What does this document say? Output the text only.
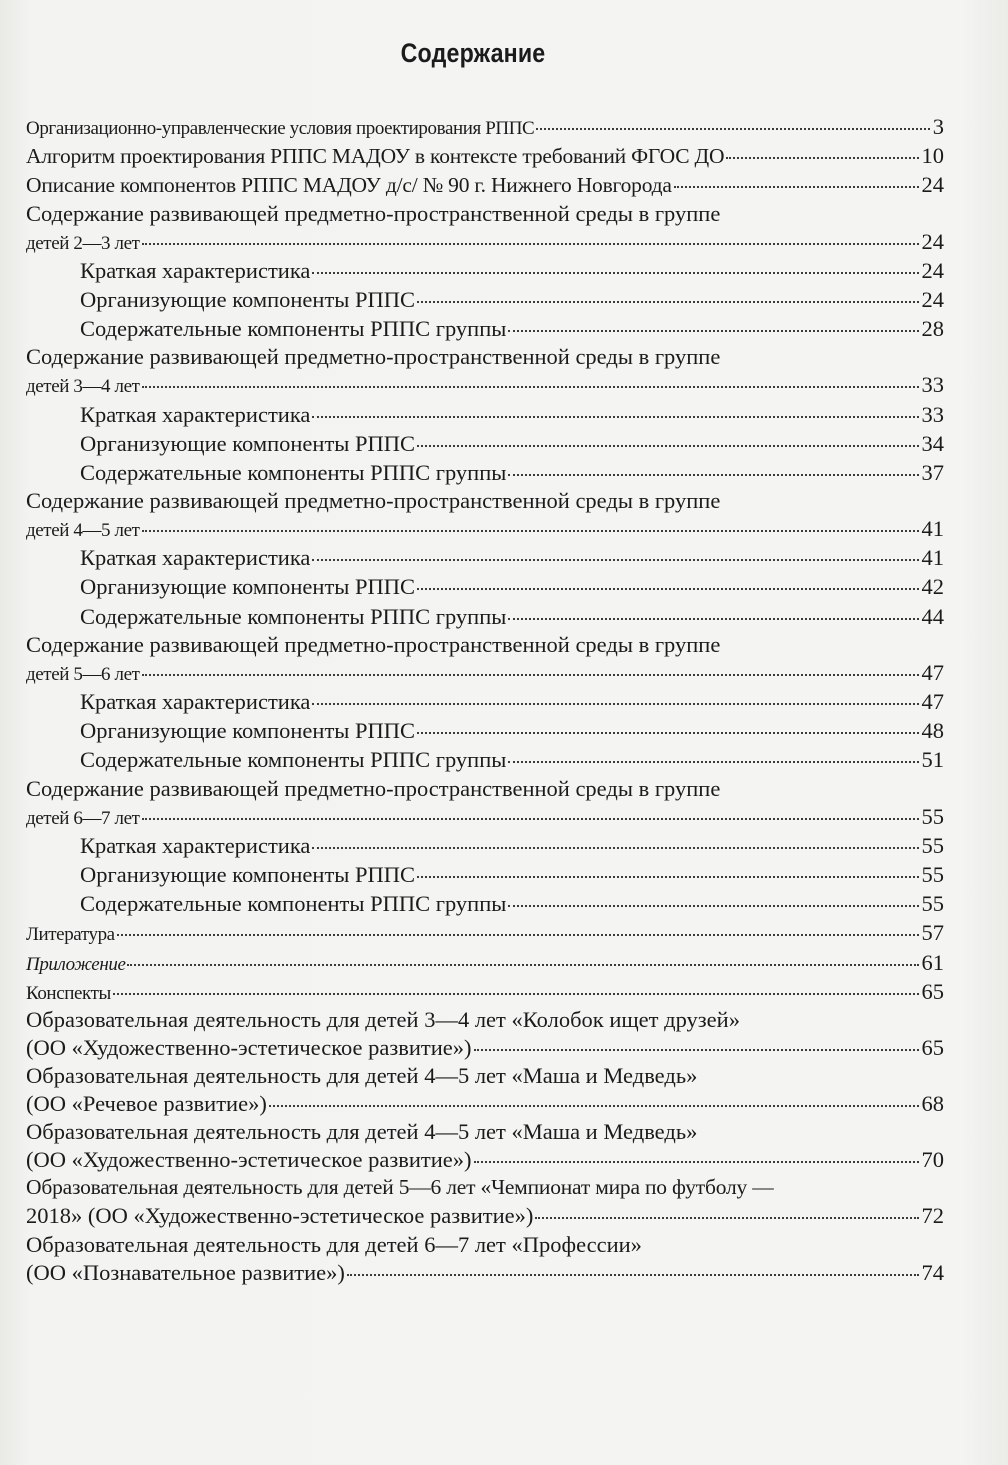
Содержание
Организационно-управленческие условия проектирования РППС	3
Алгоритм проектирования РППС МАДОУ в контексте требований ФГОС ДО	10
Описание компонентов РППС МАДОУ д/с/ № 90 г. Нижнего Новгорода	24
Содержание развивающей предметно-пространственной среды в группе
детей 2—3 лет	24
Краткая характеристика	24
Организующие компоненты РППС	24
Содержательные компоненты РППС группы	28
Содержание развивающей предметно-пространственной среды в группе
детей 3—4 лет	33
Краткая характеристика	33
Организующие компоненты РППС	34
Содержательные компоненты РППС группы	37
Содержание развивающей предметно-пространственной среды в группе
детей 4—5 лет	41
Краткая характеристика	41
Организующие компоненты РППС	42
Содержательные компоненты РППС группы	44
Содержание развивающей предметно-пространственной среды в группе
детей 5—6 лет	47
Краткая характеристика	47
Организующие компоненты РППС	48
Содержательные компоненты РППС группы	51
Содержание развивающей предметно-пространственной среды в группе
детей 6—7 лет	55
Краткая характеристика	55
Организующие компоненты РППС	55
Содержательные компоненты РППС группы	55
Литература	57
Приложение	61
Конспекты	65
Образовательная деятельность для детей 3—4 лет «Колобок ищет друзей»
(ОО «Художественно-эстетическое развитие»)	65
Образовательная деятельность для детей 4—5 лет «Маша и Медведь»
(ОО «Речевое развитие»)	68
Образовательная деятельность для детей 4—5 лет «Маша и Медведь»
(ОО «Художественно-эстетическое развитие»)	70
Образовательная деятельность для детей 5—6 лет «Чемпионат мира по футболу —
2018» (ОО «Художественно-эстетическое развитие»)	72
Образовательная деятельность для детей 6—7 лет «Профессии»
(ОО «Познавательное развитие»)	74
